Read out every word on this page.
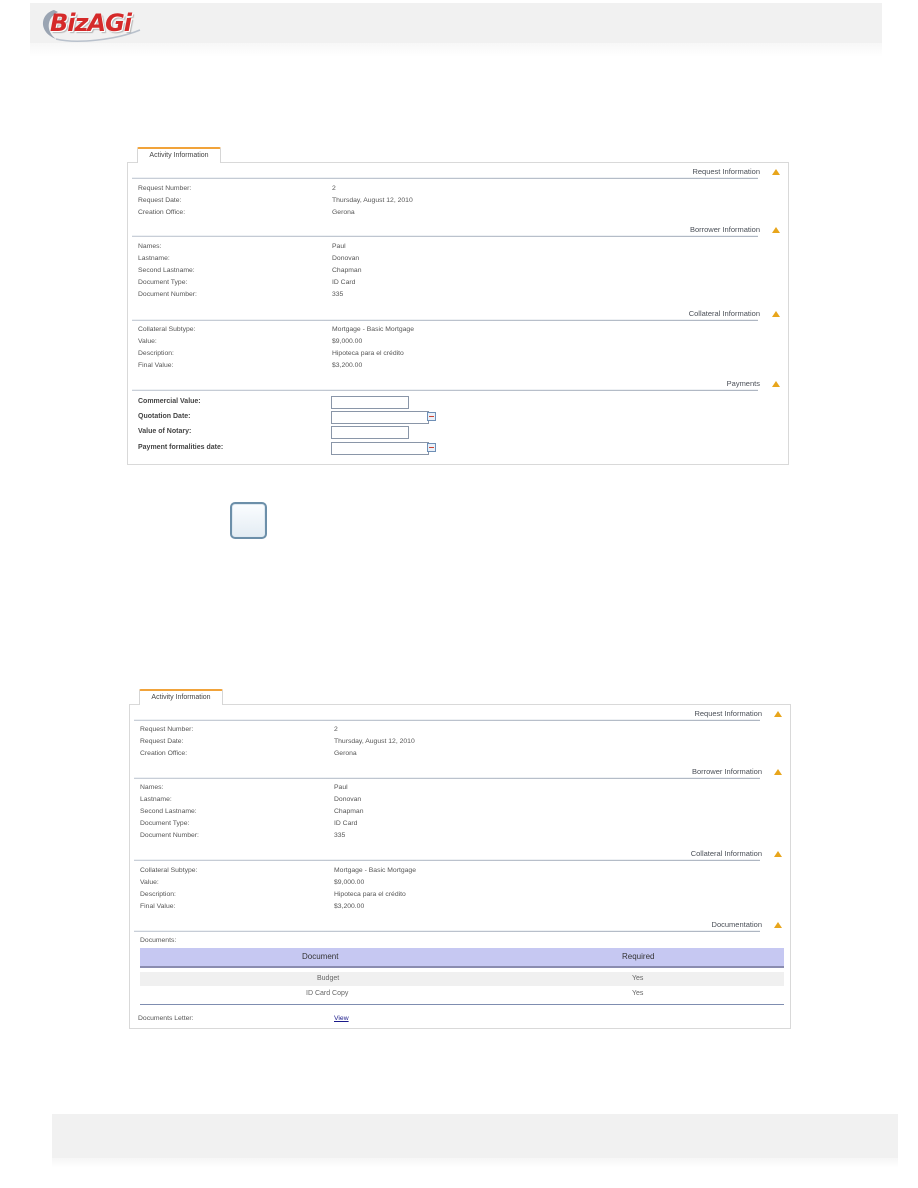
BizAGi
Activity Information
Request Information
Request Number:	2
Request Date:	Thursday, August 12, 2010
Creation Office:	Gerona
Borrower Information
Names:	Paul
Lastname:	Donovan
Second Lastname:	Chapman
Document Type:	ID Card
Document Number:	335
Collateral Information
Collateral Subtype:	Mortgage - Basic Mortgage
Value:	$9,000.00
Description:	Hipoteca para el crédito
Final Value:	$3,200.00
Payments
Commercial Value:
Quotation Date:
Value of Notary:
Payment formalities date:
Activity Information
Request Information
Request Number:	2
Request Date:	Thursday, August 12, 2010
Creation Office:	Gerona
Borrower Information
Names:	Paul
Lastname:	Donovan
Second Lastname:	Chapman
Document Type:	ID Card
Document Number:	335
Collateral Information
Collateral Subtype:	Mortgage - Basic Mortgage
Value:	$9,000.00
Description:	Hipoteca para el crédito
Final Value:	$3,200.00
Documentation
Documents:
Document	Required
Budget	Yes
ID Card Copy	Yes
Documents Letter:	View
